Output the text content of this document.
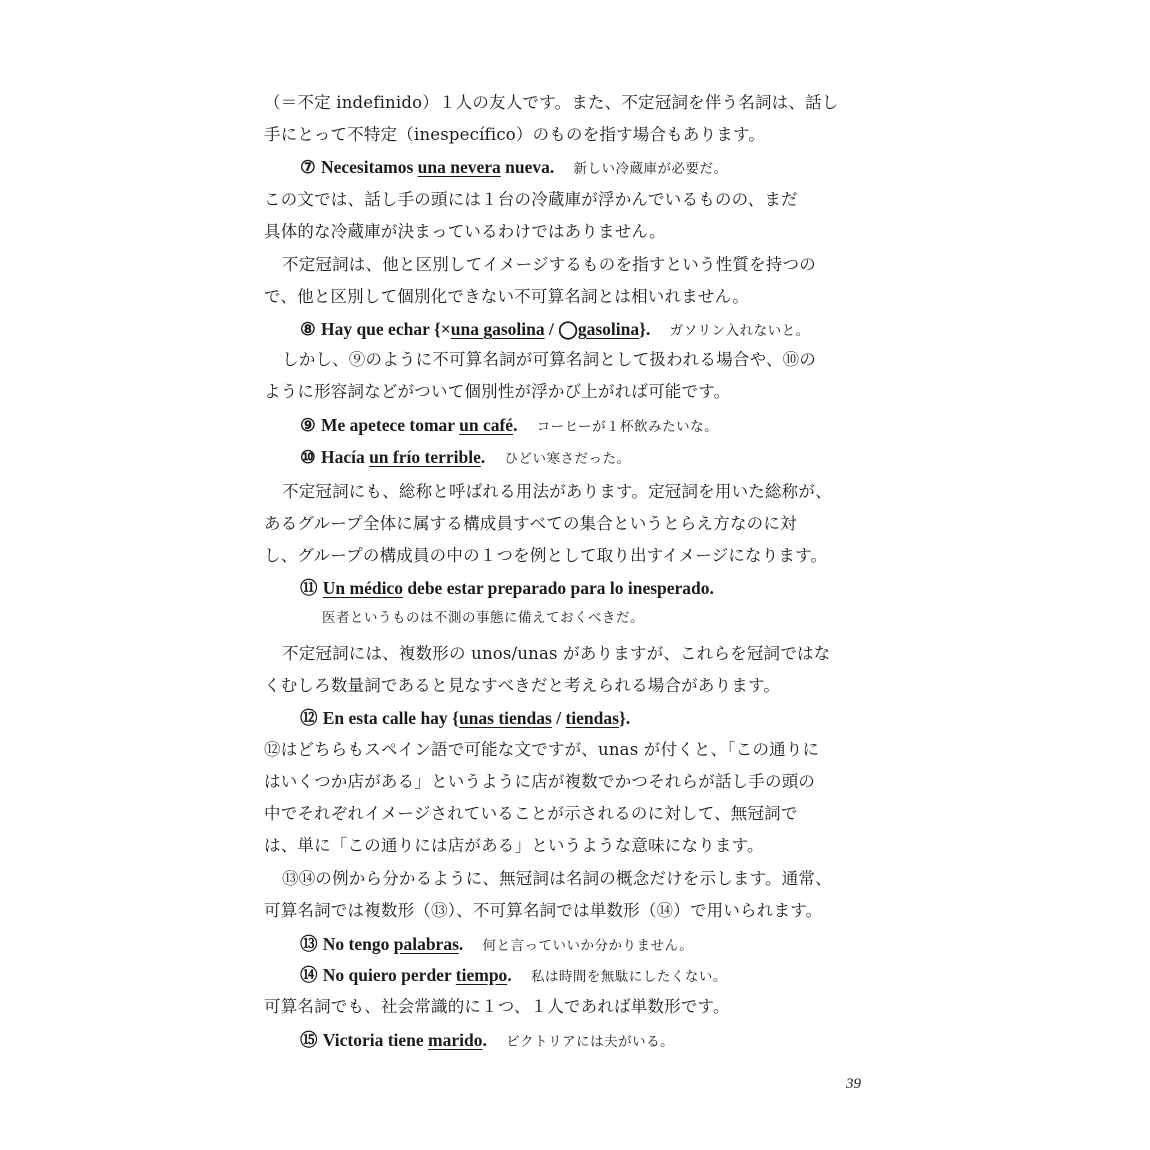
（＝不定 indefinido）１人の友人です。また、不定冠詞を伴う名詞は、話し
手にとって不特定（inespecífico）のものを指す場合もあります。
⑦ Necesitamos una nevera nueva. 新しい冷蔵庫が必要だ。
この文では、話し手の頭には１台の冷蔵庫が浮かんでいるものの、まだ
具体的な冷蔵庫が決まっているわけではありません。
不定冠詞は、他と区別してイメージするものを指すという性質を持つの
で、他と区別して個別化できない不可算名詞とは相いれません。
⑧ Hay que echar {×una gasolina / ◯gasolina}. ガソリン入れないと。
しかし、⑨のように不可算名詞が可算名詞として扱われる場合や、⑩の
ように形容詞などがついて個別性が浮かび上がれば可能です。
⑨ Me apetece tomar un café. コーヒーが１杯飲みたいな。
⑩ Hacía un frío terrible. ひどい寒さだった。
不定冠詞にも、総称と呼ばれる用法があります。定冠詞を用いた総称が、
あるグループ全体に属する構成員すべての集合というとらえ方なのに対
し、グループの構成員の中の１つを例として取り出すイメージになります。
⑪ Un médico debe estar preparado para lo inesperado.
医者というものは不測の事態に備えておくべきだ。
不定冠詞には、複数形の unos/unas がありますが、これらを冠詞ではな
くむしろ数量詞であると見なすべきだと考えられる場合があります。
⑫ En esta calle hay {unas tiendas / tiendas}.
⑫はどちらもスペイン語で可能な文ですが、unas が付くと、「この通りに
はいくつか店がある」というように店が複数でかつそれらが話し手の頭の
中でそれぞれイメージされていることが示されるのに対して、無冠詞で
は、単に「この通りには店がある」というような意味になります。
⑬⑭の例から分かるように、無冠詞は名詞の概念だけを示します。通常、
可算名詞では複数形（⑬）、不可算名詞では単数形（⑭）で用いられます。
⑬ No tengo palabras. 何と言っていいか分かりません。
⑭ No quiero perder tiempo. 私は時間を無駄にしたくない。
可算名詞でも、社会常識的に１つ、１人であれば単数形です。
⑮ Victoria tiene marido. ビクトリアには夫がいる。
39
